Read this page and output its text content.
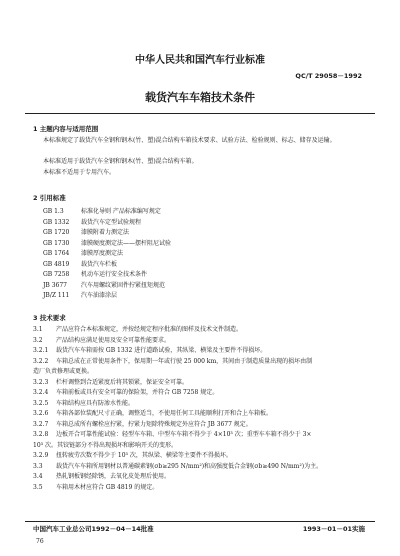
中华人民共和国汽车行业标准
QC/T 29058－1992
载货汽车车箱技术条件
1 主题内容与适用范围
本标准规定了载货汽车全钢和钢木(竹、塑)混合结构车箱技术要求、试验方法、检验规则、标志、储存及运输。
本标准适用于载货汽车全钢和钢木(竹、塑)混合结构车箱。
本标准不适用于专用汽车。
2 引用标准
GB 1.3	标准化导则 产品标准编写规定
GB 1332 载货汽车定型试验规程
GB 1720 漆膜附着力测定法
GB 1730 漆膜硬度测定法——摆杆阻尼试验
GB 1764 漆膜厚度测定法
GB 4819 载货汽车栏板
GB 7258 机动车运行安全技术条件
JB 3677 汽车用螺纹紧固件拧紧扭矩规范
JB/Z 111 汽车油漆涂层
3 技术要求
3.1 产品应符合本标准规定，并按经规定程序批准的图样及技术文件制造。
3.2 产品结构应满足使用及安全可靠性能要求。
3.2.1 载货汽车车箱需按 GB 1332 进行道路试验，其纵梁、横梁及主要件不得损坏。
3.2.2 车箱总成在正常使用条件下，保用期一年或行驶 25 000 km，其间由于制造质量出现的损坏由制
造厂负责修理或更换。
3.2.3 栏杆调整到合适紧度后将其锁紧，保证安全可靠。
3.2.4 车箱前板或具有安全可靠的保险架，并符合 GB 7258 规定。
3.2.5 车箱结构应具有防渗水性能。
3.2.6 车箱各部位装配尺寸正确，调整适当，不使用任何工具能顺利打开和合上车箱板。
3.2.7 车箱总成所有螺栓应拧紧，拧紧力矩除特殊规定外应符合 JB 3677 规定。
3.2.8 边板开合可靠性能试验：轻型车车箱、中型车车箱不得少于 4×10³ 次；重型车车箱不得少于 3×
10³ 次。其铰链部分不得出现损坏和影响开关的变形。
3.2.9 扭转疲劳次数不得少于 10³ 次，其纵梁、横梁等主要件不得损坏。
3.3 载货汽车车箱所用钢材以普通碳素钢(σb≥295 N/mm²)和高强度低合金钢(σb≥490 N/mm²)为主。
3.4 热轧钢板钢经除锈，去氧化皮处理后使用。
3.5 车箱用木材应符合 GB 4819 的规定。
中国汽车工业总公司1992－04－14批准	1993－01－01实施
76
